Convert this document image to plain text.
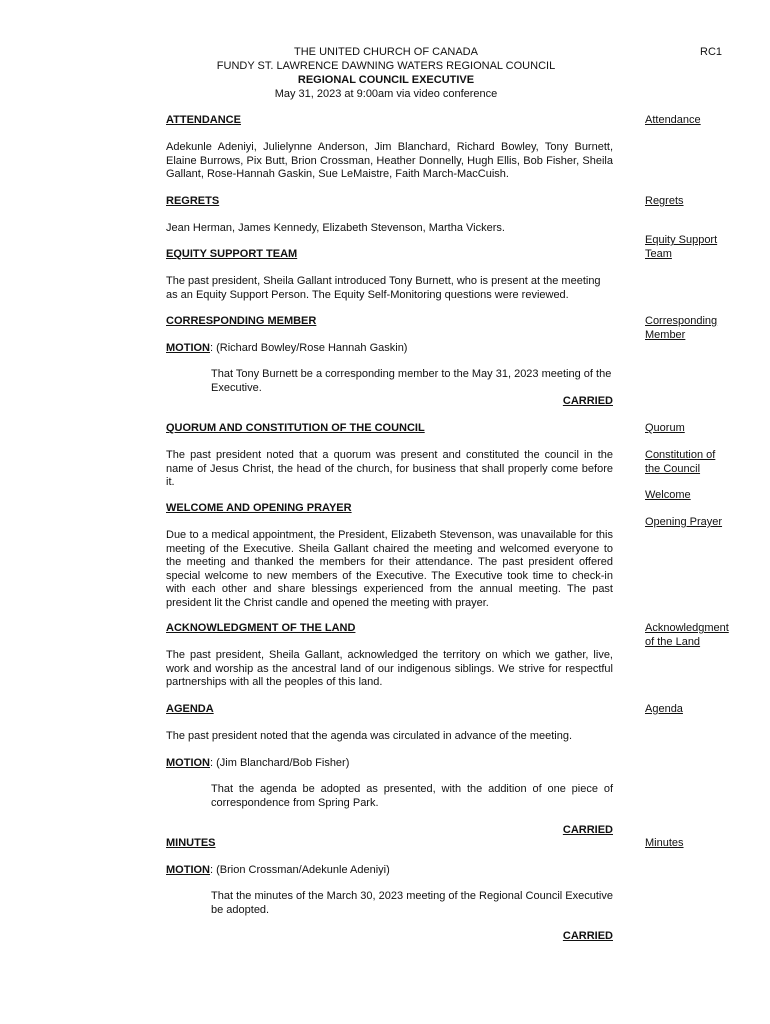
THE UNITED CHURCH OF CANADA
FUNDY ST. LAWRENCE DAWNING WATERS REGIONAL COUNCIL
REGIONAL COUNCIL EXECUTIVE
May 31, 2023 at 9:00am via video conference
RC1
ATTENDANCE	Attendance
Adekunle Adeniyi, Julielynne Anderson, Jim Blanchard, Richard Bowley, Tony Burnett, Elaine Burrows, Pix Butt, Brion Crossman, Heather Donnelly, Hugh Ellis, Bob Fisher, Sheila Gallant, Rose-Hannah Gaskin, Sue LeMaistre, Faith March-MacCuish.
REGRETS	Regrets
Jean Herman, James Kennedy, Elizabeth Stevenson, Martha Vickers.
EQUITY SUPPORT TEAM
Equity Support Team
The past president, Sheila Gallant introduced Tony Burnett, who is present at the meeting as an Equity Support Person. The Equity Self-Monitoring questions were reviewed.
CORRESPONDING MEMBER	Corresponding Member
MOTION: (Richard Bowley/Rose Hannah Gaskin)
That Tony Burnett be a corresponding member to the May 31, 2023 meeting of the Executive.
CARRIED
QUORUM AND CONSTITUTION OF THE COUNCIL	Quorum
The past president noted that a quorum was present and constituted the council in the name of Jesus Christ, the head of the church, for business that shall properly come before it.
Constitution of the Council
Welcome
WELCOME AND OPENING PRAYER
Opening Prayer
Due to a medical appointment, the President, Elizabeth Stevenson, was unavailable for this meeting of the Executive. Sheila Gallant chaired the meeting and welcomed everyone to the meeting and thanked the members for their attendance. The past president offered special welcome to new members of the Executive. The Executive took time to check-in with each other and share blessings experienced from the annual meeting. The past president lit the Christ candle and opened the meeting with prayer.
ACKNOWLEDGMENT OF THE LAND	Acknowledgment of the Land
The past president, Sheila Gallant, acknowledged the territory on which we gather, live, work and worship as the ancestral land of our indigenous siblings. We strive for respectful partnerships with all the peoples of this land.
AGENDA	Agenda
The past president noted that the agenda was circulated in advance of the meeting.
MOTION: (Jim Blanchard/Bob Fisher)
That the agenda be adopted as presented, with the addition of one piece of correspondence from Spring Park.
CARRIED
MINUTES	Minutes
MOTION: (Brion Crossman/Adekunle Adeniyi)
That the minutes of the March 30, 2023 meeting of the Regional Council Executive be adopted.
CARRIED
